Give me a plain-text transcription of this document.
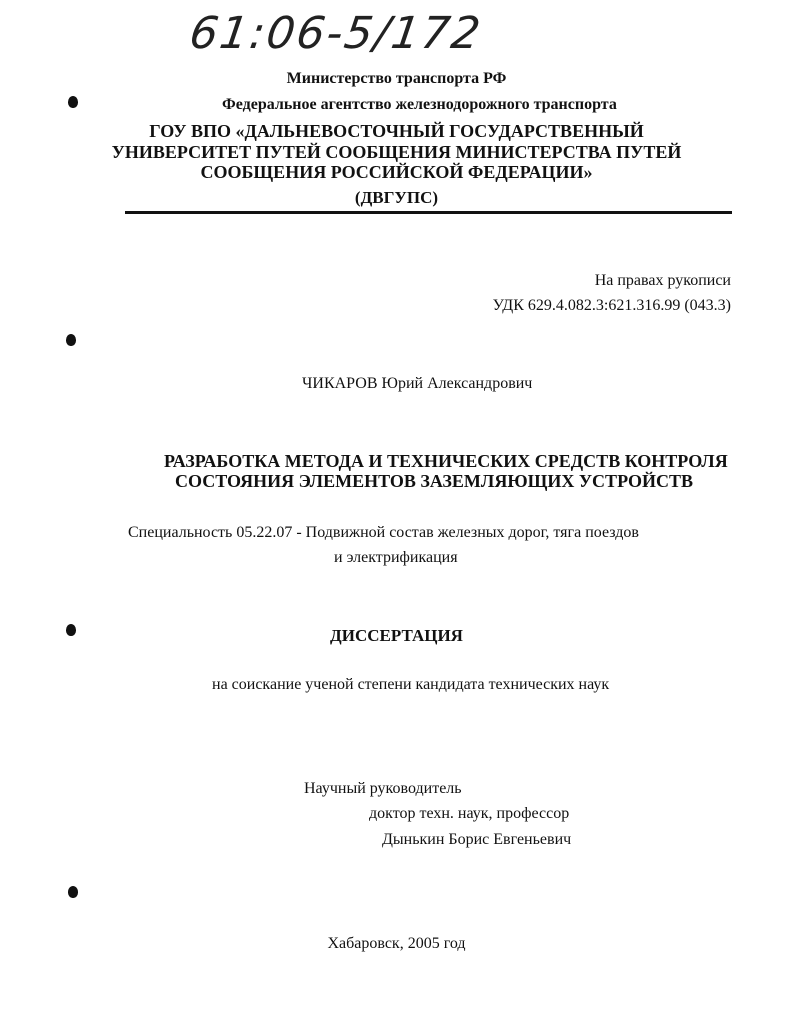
61:06-5/172
Министерство транспорта РФ
Федеральное агентство железнодорожного транспорта
ГОУ ВПО «ДАЛЬНЕВОСТОЧНЫЙ ГОСУДАРСТВЕННЫЙ
УНИВЕРСИТЕТ ПУТЕЙ СООБЩЕНИЯ МИНИСТЕРСТВА ПУТЕЙ
СООБЩЕНИЯ РОССИЙСКОЙ ФЕДЕРАЦИИ»
(ДВГУПС)
На правах рукописи
УДК 629.4.082.3:621.316.99 (043.3)
ЧИКАРОВ Юрий Александрович
РАЗРАБОТКА МЕТОДА И ТЕХНИЧЕСКИХ СРЕДСТВ КОНТРОЛЯ
СОСТОЯНИЯ ЭЛЕМЕНТОВ ЗАЗЕМЛЯЮЩИХ УСТРОЙСТВ
Специальность 05.22.07 - Подвижной состав железных дорог, тяга поездов
и электрификация
ДИССЕРТАЦИЯ
на соискание ученой степени кандидата технических наук
Научный руководитель
доктор техн. наук, профессор
Дынькин Борис Евгеньевич
Хабаровск, 2005 год
